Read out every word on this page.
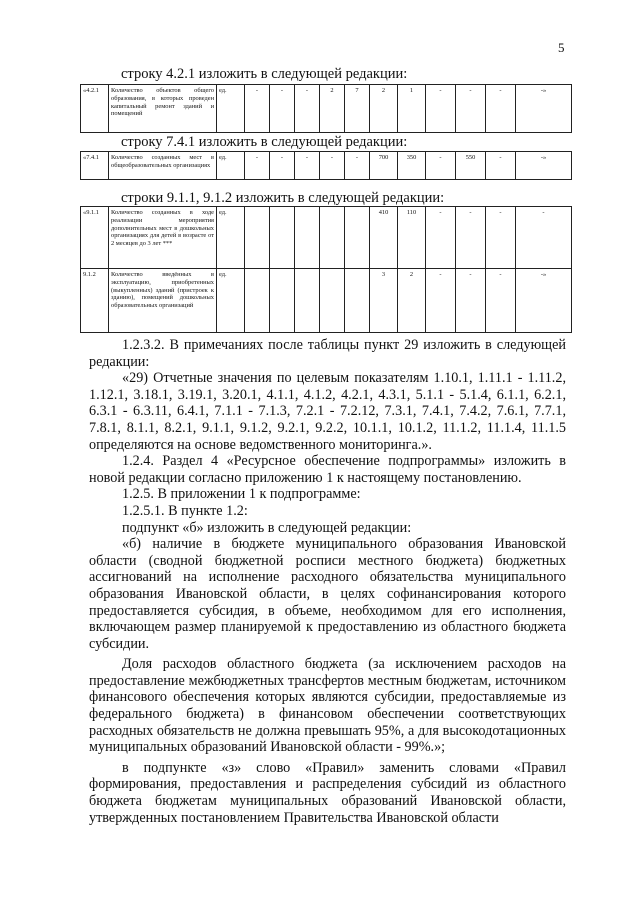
5
строку 4.2.1 изложить в следующей редакции:
«4.2.1	Количество объектов общего образования, в которых проведен капитальный ремонт зданий и помещений	ед.	-	-	-	2	7	2	1	-	-	-	-»
строку 7.4.1 изложить в следующей редакции:
«7.4.1	Количество созданных мест в общеобразовательных организациях	ед.	-	-	-	-	-	700	350	-	550	-	-»
строки 9.1.1, 9.1.2 изложить в следующей редакции:
«9.1.1	Количество созданных в ходе реализации мероприятия дополнительных мест в дошкольных организациях для детей в возрасте от 2 месяцев до 3 лет ***	ед.						410	110	-	-	-	-
9.1.2	Количество введённых в эксплуатацию, приобретенных (выкупленных) зданий (пристроек к зданию), помещений дошкольных образовательных организаций	ед.						3	2	-	-	-	-»

1.2.3.2. В примечаниях после таблицы пункт 29 изложить в следующей редакции:

«29) Отчетные значения по целевым показателям 1.10.1, 1.11.1 - 1.11.2, 1.12.1, 3.18.1, 3.19.1, 3.20.1, 4.1.1, 4.1.2, 4.2.1, 4.3.1, 5.1.1 - 5.1.4, 6.1.1, 6.2.1, 6.3.1 - 6.3.11, 6.4.1, 7.1.1 - 7.1.3, 7.2.1 - 7.2.12, 7.3.1, 7.4.1, 7.4.2, 7.6.1, 7.7.1, 7.8.1, 8.1.1, 8.2.1, 9.1.1, 9.1.2, 9.2.1, 9.2.2, 10.1.1, 10.1.2, 11.1.2, 11.1.4, 11.1.5 определяются на основе ведомственного мониторинга.».

1.2.4. Раздел 4 «Ресурсное обеспечение подпрограммы» изложить в новой редакции согласно приложению 1 к настоящему постановлению.

1.2.5. В приложении 1 к подпрограмме:

1.2.5.1. В пункте 1.2:

подпункт «б» изложить в следующей редакции:

«б) наличие в бюджете муниципального образования Ивановской области (сводной бюджетной росписи местного бюджета) бюджетных ассигнований на исполнение расходного обязательства муниципального образования Ивановской области, в целях софинансирования которого предоставляется субсидия, в объеме, необходимом для его исполнения, включающем размер планируемой к предоставлению из областного бюджета субсидии.

Доля расходов областного бюджета (за исключением расходов на предоставление межбюджетных трансфертов местным бюджетам, источником финансового обеспечения которых являются субсидии, предоставляемые из федерального бюджета) в финансовом обеспечении соответствующих расходных обязательств не должна превышать 95%, а для высокодотационных муниципальных образований Ивановской области - 99%.»;

в подпункте «з» слово «Правил» заменить словами «Правил формирования, предоставления и распределения субсидий из областного бюджета бюджетам муниципальных образований Ивановской области, утвержденных постановлением Правительства Ивановской области
